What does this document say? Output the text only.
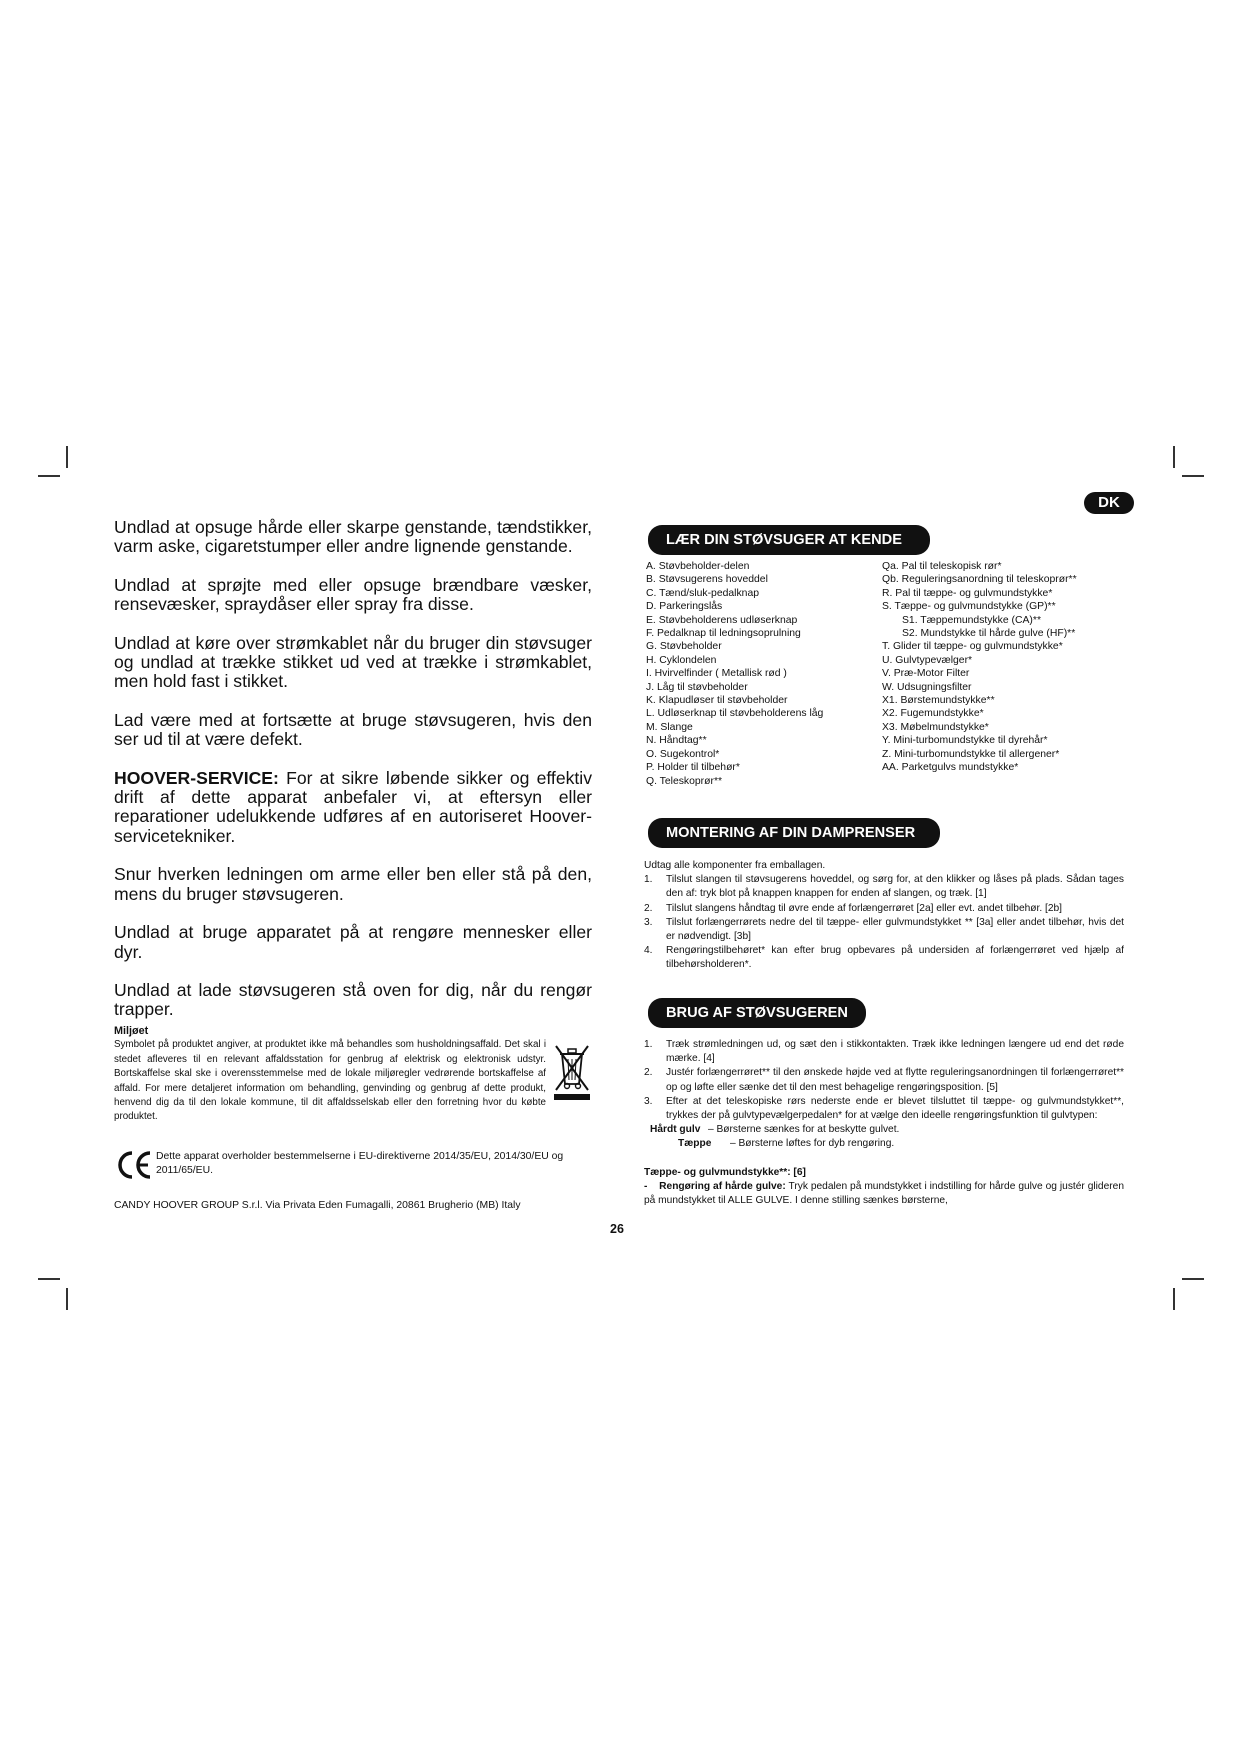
Undlad at opsuge hårde eller skarpe genstande, tændstikker, varm aske, cigaretstumper eller andre lignende genstande.

Undlad at sprøjte med eller opsuge brændbare væsker, rensevæsker, spraydåser eller spray fra disse.

Undlad at køre over strømkablet når du bruger din støvsuger og undlad at trække stikket ud ved at trække i strømkablet, men hold fast i stikket.

Lad være med at fortsætte at bruge støvsugeren, hvis den ser ud til at være defekt.

HOOVER-SERVICE: For at sikre løbende sikker og effektiv drift af dette apparat anbefaler vi, at eftersyn eller reparationer udelukkende udføres af en autoriseret Hoover-servicetekniker.

Snur hverken ledningen om arme eller ben eller stå på den, mens du bruger støvsugeren.

Undlad at bruge apparatet på at rengøre mennesker eller dyr.

Undlad at lade støvsugeren stå oven for dig, når du rengør trapper.

Miljøet

Symbolet på produktet angiver, at produktet ikke må behandles som husholdningsaffald. Det skal i stedet afleveres til en relevant affaldsstation for genbrug af elektrisk og elektronisk udstyr. Bortskaffelse skal ske i overensstemmelse med de lokale miljøregler vedrørende bortskaffelse af affald. For mere detaljeret information om behandling, genvinding og genbrug af dette produkt, henvend dig da til den lokale kommune, til dit affaldsselskab eller den forretning hvor du købte produktet.

Dette apparat overholder bestemmelserne i EU-direktiverne 2014/35/EU, 2014/30/EU og 2011/65/EU.
CANDY HOOVER GROUP S.r.l. Via Privata Eden Fumagalli, 20861 Brugherio (MB) Italy
26
DK
LÆR DIN STØVSUGER AT KENDE
A. Støvbeholder-delen
B. Støvsugerens hoveddel
C. Tænd/sluk-pedalknap
D. Parkeringslås
E. Støvbeholderens udløserknap
F. Pedalknap til ledningsoprulning
G. Støvbeholder
H. Cyklondelen
I. Hvirvelfinder ( Metallisk rød )
J. Låg til støvbeholder
K. Klapudløser til støvbeholder
L. Udløserknap til støvbeholderens låg
M. Slange
N. Håndtag**
O. Sugekontrol*
P. Holder til tilbehør*
Q. Teleskoprør**
Qa. Pal til teleskopisk rør*
Qb. Reguleringsanordning til teleskoprør**
R. Pal til tæppe- og gulvmundstykke*
S. Tæppe- og gulvmundstykke (GP)**
S1. Tæppemundstykke (CA)**
S2. Mundstykke til hårde gulve (HF)**
T. Glider til tæppe- og gulvmundstykke*
U. Gulvtypevælger*
V. Præ-Motor Filter
W. Udsugningsfilter
X1. Børstemundstykke**
X2. Fugemundstykke*
X3. Møbelmundstykke*
Y. Mini-turbomundstykke til dyrehår*
Z. Mini-turbomundstykke til allergener*
AA. Parketgulvs mundstykke*
MONTERING AF DIN DAMPRENSER

Udtag alle komponenter fra emballagen.

1.	Tilslut slangen til støvsugerens hoveddel, og sørg for, at den klikker og låses på plads. Sådan tages den af: tryk blot på knappen knappen for enden af slangen, og træk. [1]
2.	Tilslut slangens håndtag til øvre ende af forlængerrøret [2a] eller evt. andet tilbehør. [2b]
3.	Tilslut forlængerrørets nedre del til tæppe- eller gulvmundstykket ** [3a] eller andet tilbehør, hvis det er nødvendigt. [3b]
4.	Rengøringstilbehøret* kan efter brug opbevares på undersiden af forlængerrøret ved hjælp af tilbehørsholderen*.
BRUG AF STØVSUGEREN
1.	Træk strømledningen ud, og sæt den i stikkontakten. Træk ikke ledningen længere ud end det røde mærke. [4]
2.	Justér forlængerrøret** til den ønskede højde ved at flytte reguleringsanordningen til forlængerrøret** op og løfte eller sænke det til den mest behagelige rengøringsposition. [5]
3.	Efter at det teleskopiske rørs nederste ende er blevet tilsluttet til tæppe- og gulvmundstykket**, trykkes der på gulvtypevælgerpedalen* for at vælge den ideelle rengøringsfunktion til gulvtypen:
Hårdt gulv – Børsterne sænkes for at beskytte gulvet.
Tæppe	– Børsterne løftes for dyb rengøring.

Tæppe- og gulvmundstykke**: [6]

- Rengøring af hårde gulve: Tryk pedalen på mundstykket i indstilling for hårde gulve og justér glideren på mundstykket til ALLE GULVE. I denne stilling sænkes børsterne,
